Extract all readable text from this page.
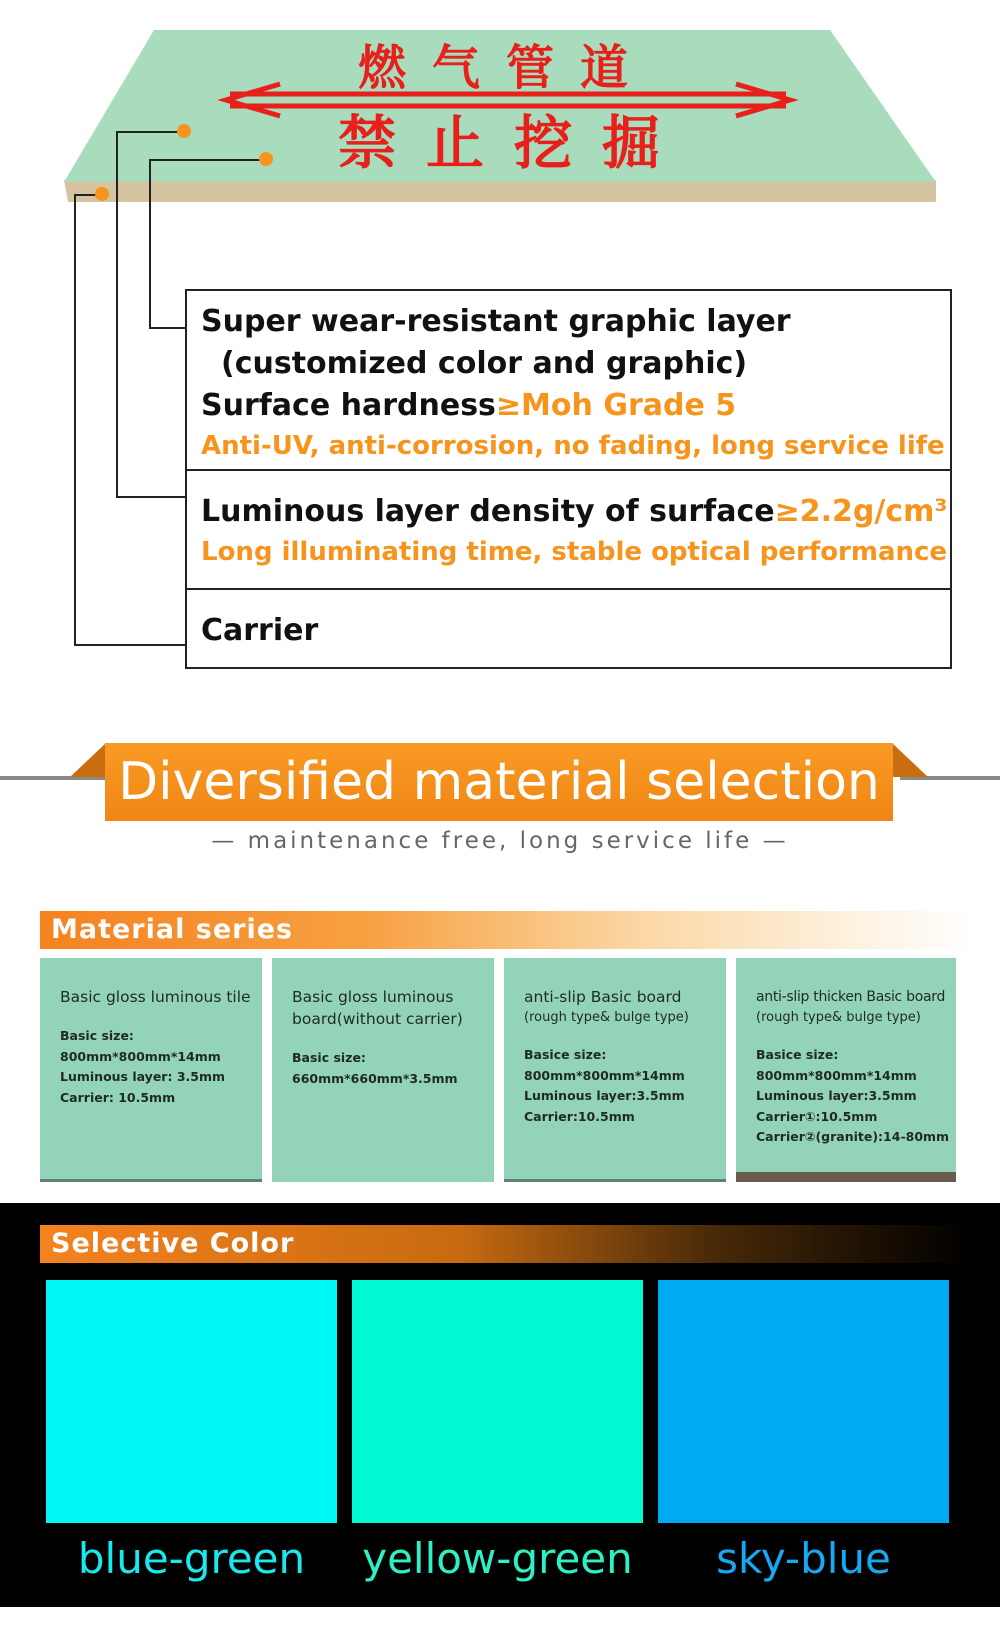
燃气管道
禁止挖掘
Super wear-resistant graphic layer
(customized color and graphic)
Surface hardness≥Moh Grade 5
Anti-UV, anti-corrosion, no fading, long service life
Luminous layer density of surface≥2.2g/cm³
Long illuminating time, stable optical performance
Carrier
Diversified material selection
— maintenance free, long service life —
Material series
Basic gloss luminous tile
Basic size:
800mm*800mm*14mm
Luminous layer: 3.5mm
Carrier: 10.5mm
Basic gloss luminous
board(without carrier)
Basic size:
660mm*660mm*3.5mm
anti-slip Basic board
(rough type& bulge type)
Basice size:
800mm*800mm*14mm
Luminous layer:3.5mm
Carrier:10.5mm
anti-slip thicken Basic board
(rough type& bulge type)
Basice size:
800mm*800mm*14mm
Luminous layer:3.5mm
Carrier①:10.5mm
Carrier②(granite):14-80mm
Selective Color
blue-green	yellow-green	sky-blue
